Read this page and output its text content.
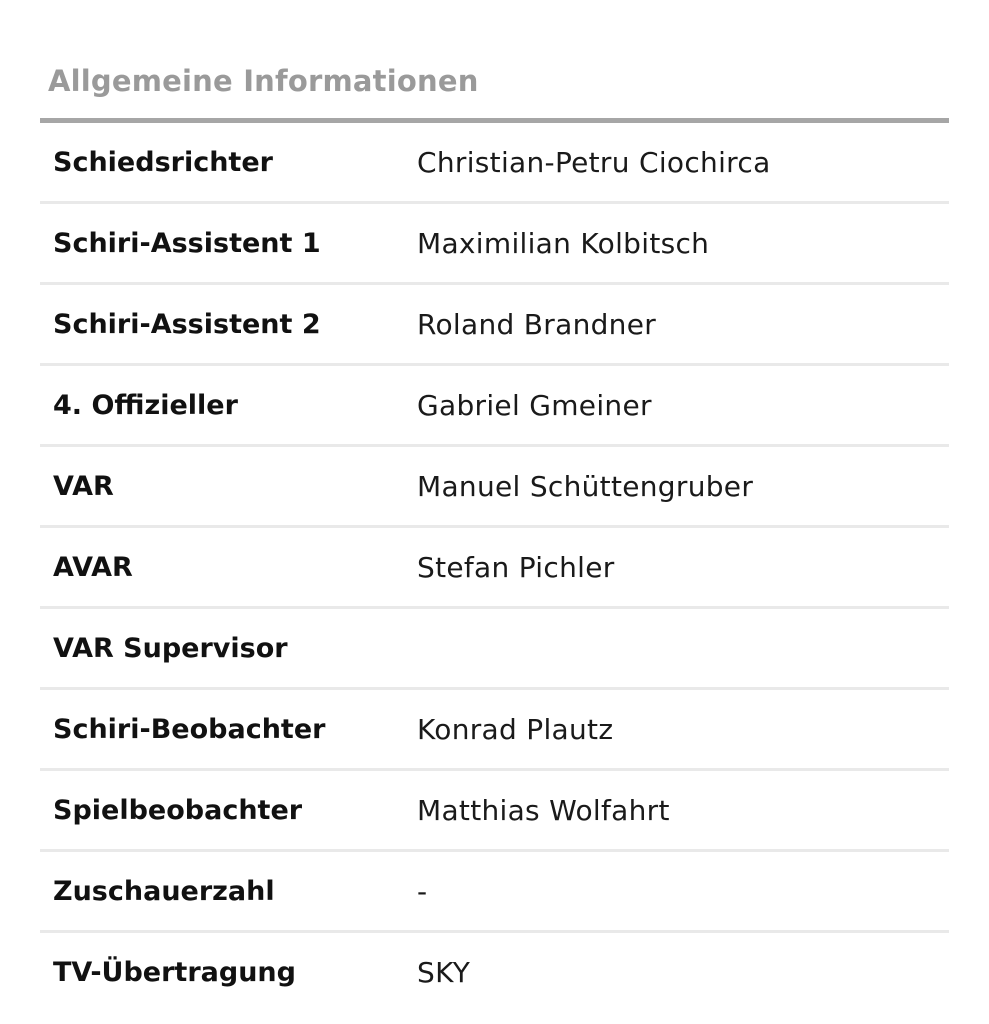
Allgemeine Informationen
Schiedsrichter	Christian-Petru Ciochirca
Schiri-Assistent 1	Maximilian Kolbitsch
Schiri-Assistent 2	Roland Brandner
4. Offizieller	Gabriel Gmeiner
VAR	Manuel Schüttengruber
AVAR	Stefan Pichler
VAR Supervisor
Schiri-Beobachter	Konrad Plautz
Spielbeobachter	Matthias Wolfahrt
Zuschauerzahl	-
TV-Übertragung	SKY
